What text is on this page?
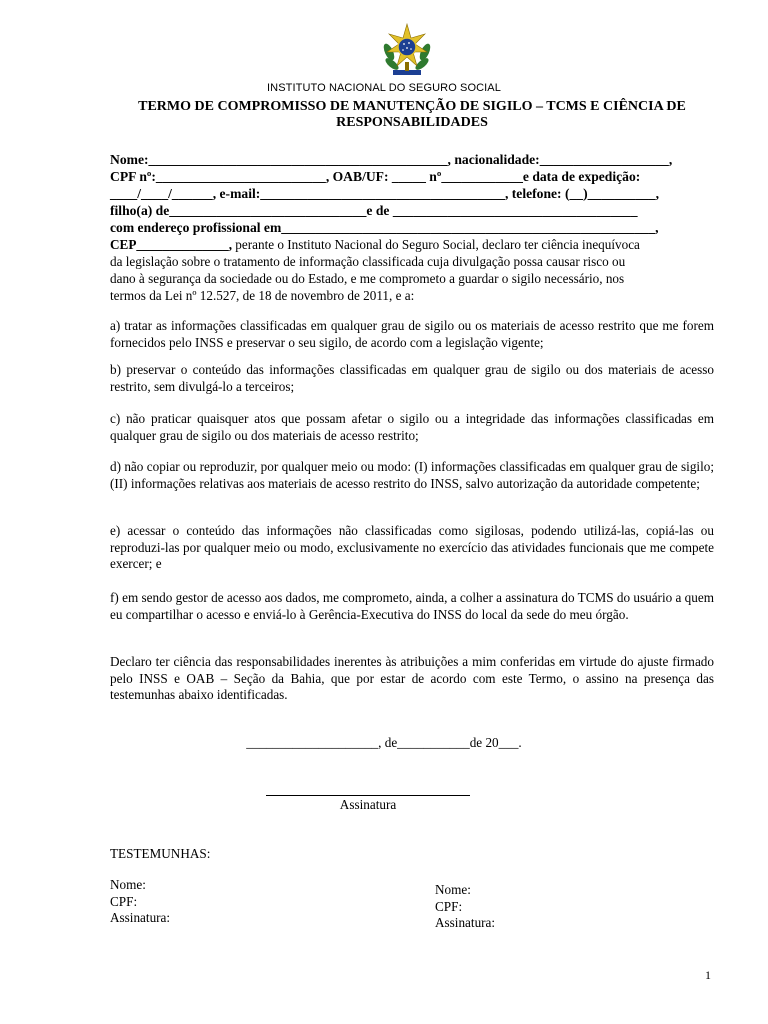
INSTITUTO NACIONAL DO SEGURO SOCIAL
TERMO DE COMPROMISSO DE MANUTENÇÃO DE SIGILO – TCMS E CIÊNCIA DE
RESPONSABILIDADES
Nome:____________________________________________, nacionalidade:___________________,
CPF nº:_________________________, OAB/UF: _____ nº____________e data de expedição:
____/____/______, e-mail:____________________________________, telefone: (__)__________,
filho(a) de_____________________________e de ____________________________________
com endereço profissional em_______________________________________________________,
CEP______________, perante o Instituto Nacional do Seguro Social, declaro ter ciência inequívoca
da legislação sobre o tratamento de informação classificada cuja divulgação possa causar risco ou
dano à segurança da sociedade ou do Estado, e me comprometo a guardar o sigilo necessário, nos
termos da Lei nº 12.527, de 18 de novembro de 2011, e a:
a) tratar as informações classificadas em qualquer grau de sigilo ou os materiais de acesso restrito que me forem fornecidos pelo INSS e preservar o seu sigilo, de acordo com a legislação vigente;
b) preservar o conteúdo das informações classificadas em qualquer grau de sigilo ou dos materiais de acesso restrito, sem divulgá-lo a terceiros;
c) não praticar quaisquer atos que possam afetar o sigilo ou a integridade das informações classificadas em qualquer grau de sigilo ou dos materiais de acesso restrito;
d) não copiar ou reproduzir, por qualquer meio ou modo: (I) informações classificadas em qualquer grau de sigilo; (II) informações relativas aos materiais de acesso restrito do INSS, salvo autorização da autoridade competente;
e) acessar o conteúdo das informações não classificadas como sigilosas, podendo utilizá-las, copiá-las ou reproduzi-las por qualquer meio ou modo, exclusivamente no exercício das atividades funcionais que me compete exercer; e
f) em sendo gestor de acesso aos dados, me comprometo, ainda, a colher a assinatura do TCMS do usuário a quem eu compartilhar o acesso e enviá-lo à Gerência-Executiva do INSS do local da sede do meu órgão.
Declaro ter ciência das responsabilidades inerentes às atribuições a mim conferidas em virtude do ajuste firmado pelo INSS e OAB – Seção da Bahia, que por estar de acordo com este Termo, o assino na presença das testemunhas abaixo identificadas.
____________________, de___________de 20___.
Assinatura
TESTEMUNHAS:
Nome:
CPF:
Assinatura:
Nome:
CPF:
Assinatura:
1
